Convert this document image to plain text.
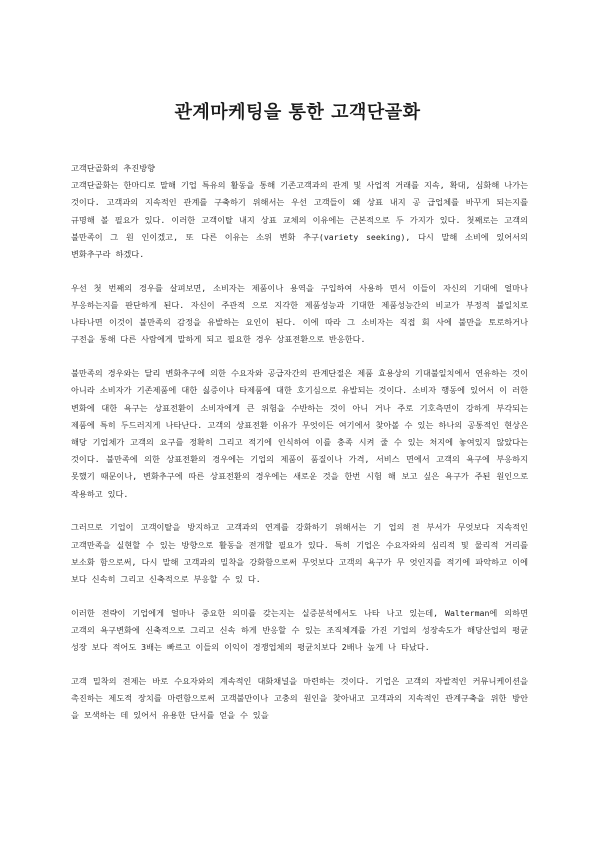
관계마케팅을 통한 고객단골화

고객단골화의 추진방향

고객단골화는 한마디로 말해 기업 특유의 활동을 통해 기존고객과의 관계 및 사업적 거래를 지속, 확대, 심화해 나가는 것이다. 고객과의 지속적인 관계를 구축하기 위해서는 우선 고객들이 왜 상표 내지 공 급업체를 바꾸게 되는지를 규명해 볼 필요가 있다. 이러한 고객이탈 내지 상표 교체의 이유에는 근본적으로 두 가지가 있다. 첫째로는 고객의 불만족이 그 원 인이겠고, 또 다른 이유는 소위 변화 추구(variety seeking), 다시 말해 소비에 있어서의 변화추구라 하겠다.

우선 첫 번째의 경우를 살펴보면, 소비자는 제품이나 용역을 구입하여 사용하 면서 이들이 자신의 기대에 얼마나 부응하는지를 판단하게 된다. 자신이 주관적 으로 지각한 제품성능과 기대한 제품성능간의 비교가 부정적 불일치로 나타나면 이것이 불만족의 감정을 유발하는 요인이 된다. 이에 따라 그 소비자는 직접 회 사에 불만을 토로하거나 구전을 통해 다른 사람에게 말하게 되고 필요한 경우 상표전환으로 반응한다.

불만족의 경우와는 달리 변화추구에 의한 수요자와 공급자간의 관계단절은 제품 효용상의 기대불일치에서 연유하는 것이 아니라 소비자가 기존제품에 대한 싫증이나 타제품에 대한 호기심으로 유발되는 것이다. 소비자 행동에 있어서 이 러한 변화에 대한 욕구는 상표전환이 소비자에게 큰 위험을 수반하는 것이 아니 거나 주로 기호측면이 강하게 부각되는 제품에 특히 두드러지게 나타난다. 고객의 상표전환 이유가 무엇이든 여기에서 찾아볼 수 있는 하나의 공통적인 현상은 해당 기업체가 고객의 요구를 정확히 그리고 적기에 인식하여 이를 충족 시켜 줄 수 있는 처지에 놓여있지 않았다는 것이다. 불만족에 의한 상표전환의 경우에는 기업의 제품이 품질이나 가격, 서비스 면에서 고객의 욕구에 부응하지 못했기 때문이나, 변화추구에 따른 상표전환의 경우에는 새로운 것을 한번 시험 해 보고 싶은 욕구가 주된 원인으로 작용하고 있다.

그러므로 기업이 고객이탈을 방지하고 고객과의 연계를 강화하기 위해서는 기 업의 전 부서가 무엇보다 지속적인 고객만족을 실현할 수 있는 방향으로 활동을 전개할 필요가 있다. 특히 기업은 수요자와의 심리적 및 물리적 거리를 보소화 함으로써, 다시 말해 고객과의 밀착을 강화함으로써 무엇보다 고객의 욕구가 무 엇인지를 적기에 파악하고 이에 보다 신속히 그리고 신축적으로 부응할 수 있 다.

이러한 전략이 기업에게 얼마나 중요한 의미를 갖는지는 실증분석에서도 나타 나고 있는데, Walterman에 의하면 고객의 욕구변화에 신축적으로 그리고 신속 하게 반응할 수 있는 조직체계를 가진 기업의 성장속도가 해당산업의 평균 성장 보다 적어도 3배는 빠르고 이들의 이익이 경쟁업체의 평균치보다 2배나 높게 나 타났다.

고객 밀착의 전제는 바로 수요자와의 계속적인 대화채널을 마련하는 것이다. 기업은 고객의 자발적인 커뮤니케이션을 촉진하는 제도적 장치를 마련함으로써 고객불만이나 고충의 원인을 찾아내고 고객과의 지속적인 관계구축을 위한 방안 을 모색하는 데 있어서 유용한 단서를 얻을 수 있을
